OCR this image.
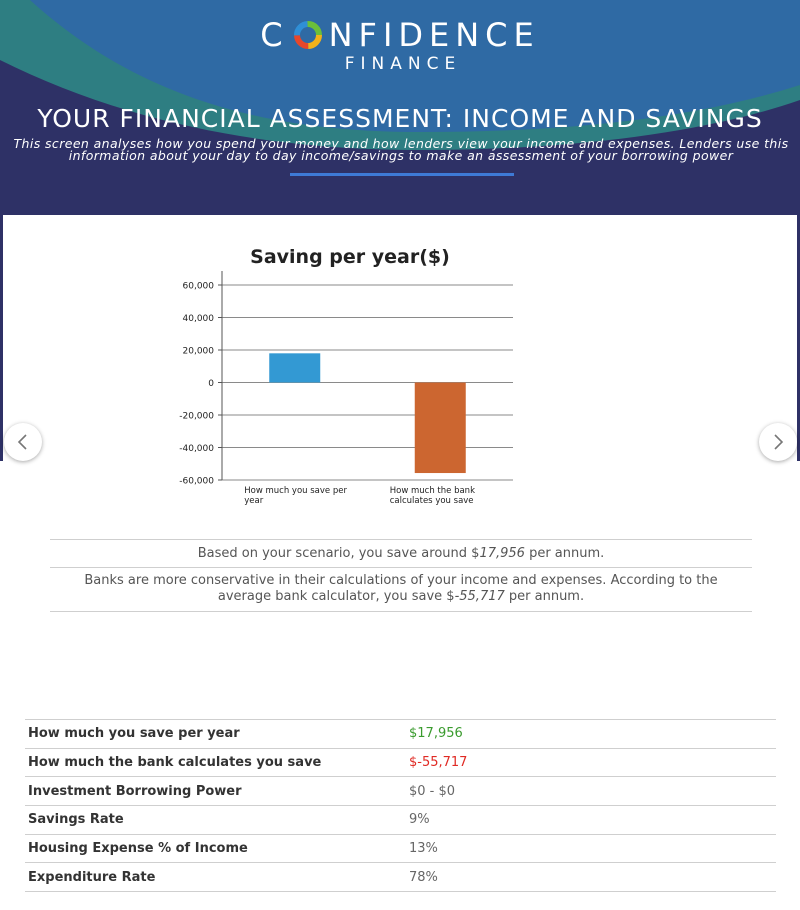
C NFIDENCE
FINANCE
YOUR FINANCIAL ASSESSMENT: INCOME AND SAVINGS
This screen analyses how you spend your money and how lenders view your income and expenses. Lenders use this information about your day to day income/savings to make an assessment of your borrowing power
Saving per year($)
60,000
40,000
20,000
0
-20,000
-40,000
-60,000
How much you save per
year
How much the bank
calculates you save
Based on your scenario, you save around $17,956 per annum.
Banks are more conservative in their calculations of your income and expenses. According to the average bank calculator, you save $-55,717 per annum.
How much you save per year	$17,956
How much the bank calculates you save	$-55,717
Investment Borrowing Power	$0 - $0
Savings Rate	9%
Housing Expense % of Income	13%
Expenditure Rate	78%
